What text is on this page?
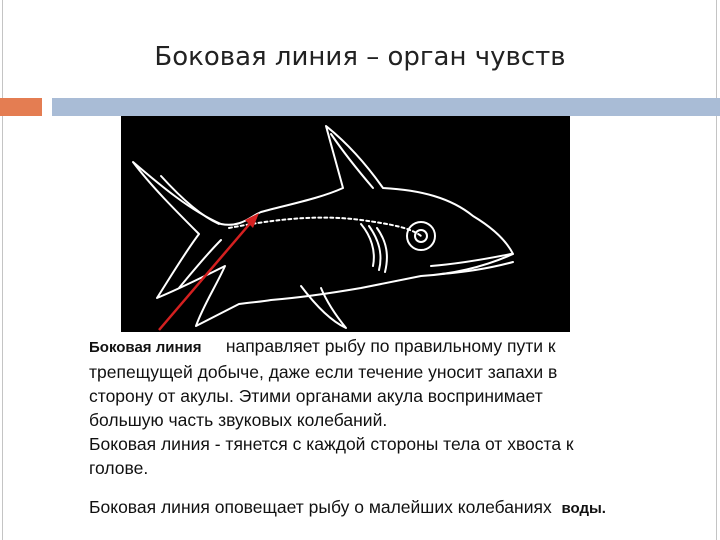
Боковая линия – орган чувств
Боковая линия направляет рыбу по правильному пути к
трепещущей добыче, даже если течение уносит запахи в
сторону от акулы. Этими органами акула воспринимает
большую часть звуковых колебаний.
Боковая линия - тянется с каждой стороны тела от хвоста к
голове.
Боковая линия оповещает рыбу о малейших колебаниях воды.
